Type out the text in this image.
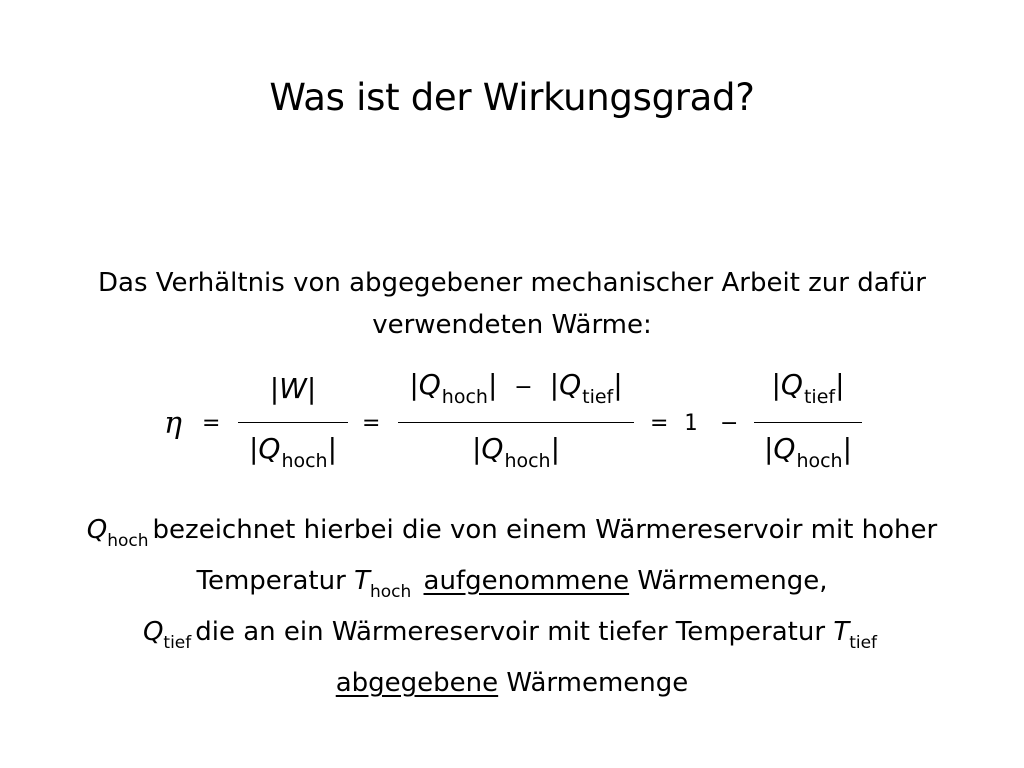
Was ist der Wirkungsgrad?
Das Verhältnis von abgegebener mechanischer Arbeit zur dafür
verwendeten Wärme:
η =
|W|
$|Q_{hoch}|$
=
$|Q_{hoch}| - |Q_{tief}|$
$|Q_{hoch}|$
= 1 −
$|Q_{tief}|$
$|Q_{hoch}|$
$Q_{hoch}$ bezeichnet hierbei die von einem Wärmereservoir mit hoher
Temperatur $T_{hoch}$ aufgenommene Wärmemenge,
$Q_{tief}$ die an ein Wärmereservoir mit tiefer Temperatur $T_{tief}$
abgegebene Wärmemenge
